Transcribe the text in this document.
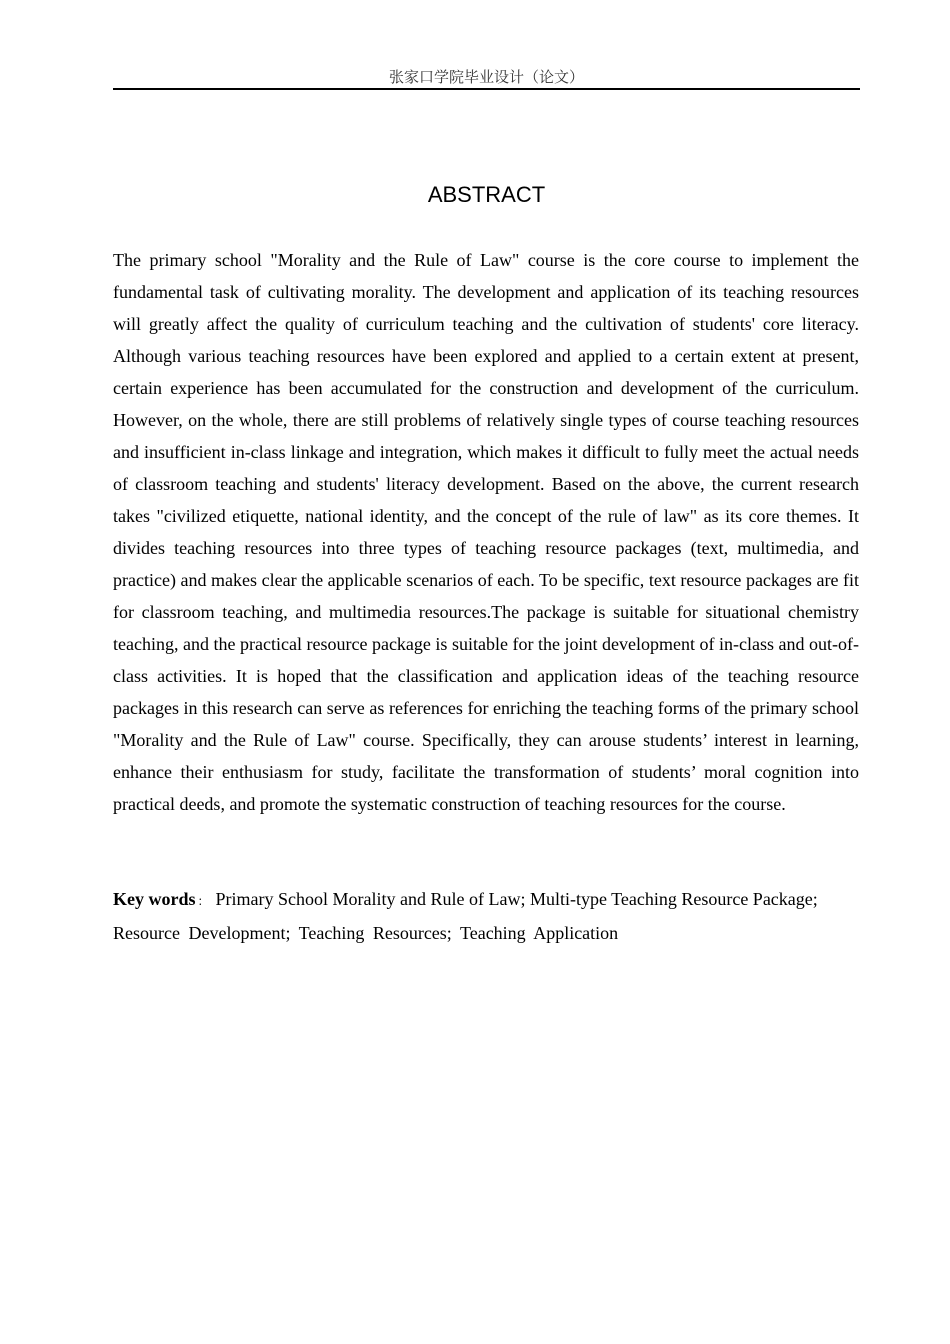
张家口学院毕业设计（论文）
ABSTRACT

The primary school "Morality and the Rule of Law" course is the core course to implement the fundamental task of cultivating morality. The development and application of its teaching resources will greatly affect the quality of curriculum teaching and the cultivation of students' core literacy. Although various teaching resources have been explored and applied to a certain extent at present, certain experience has been accumulated for the construction and development of the curriculum. However, on the whole, there are still problems of relatively single types of course teaching resources and insufficient in-class linkage and integration, which makes it difficult to fully meet the actual needs of classroom teaching and students' literacy development. Based on the above, the current research takes "civilized etiquette, national identity, and the concept of the rule of law" as its core themes. It divides teaching resources into three types of teaching resource packages (text, multimedia, and practice) and makes clear the applicable scenarios of each. To be specific, text resource packages are fit for classroom teaching, and multimedia resources.The package is suitable for situational chemistry teaching, and the practical resource package is suitable for the joint development of in-class and out-of-class activities. It is hoped that the classification and application ideas of the teaching resource packages in this research can serve as references for enriching the teaching forms of the primary school "Morality and the Rule of Law" course. Specifically, they can arouse students’ interest in learning, enhance their enthusiasm for study, facilitate the transformation of students’ moral cognition into practical deeds, and promote the systematic construction of teaching resources for the course.

Key words ： Primary School Morality and Rule of Law; Multi-type Teaching Resource Package;
Resource Development; Teaching Resources; Teaching Application
